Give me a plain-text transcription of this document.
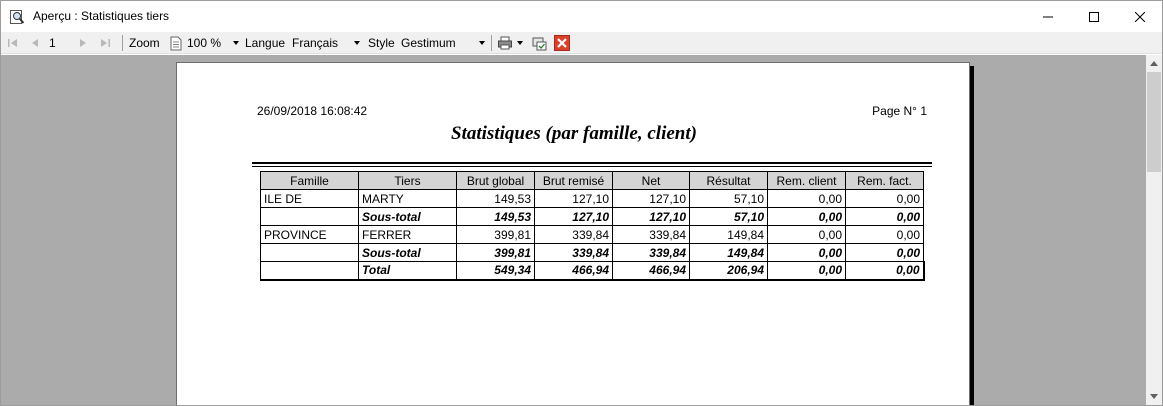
Aperçu : Statistiques tiers
1	Zoom 100 % Langue Français Style Gestimum
26/09/2018 16:08:42	Page N° 1
Statistiques (par famille, client)
Famille	Tiers	Brut global	Brut remisé	Net	Résultat	Rem. client	Rem. fact.
ILE DE	MARTY	149,53	127,10	127,10	57,10	0,00	0,00
	Sous-total	149,53	127,10	127,10	57,10	0,00	0,00
PROVINCE	FERRER	399,81	339,84	339,84	149,84	0,00	0,00
	Sous-total	399,81	339,84	339,84	149,84	0,00	0,00
	Total	549,34	466,94	466,94	206,94	0,00	0,00
